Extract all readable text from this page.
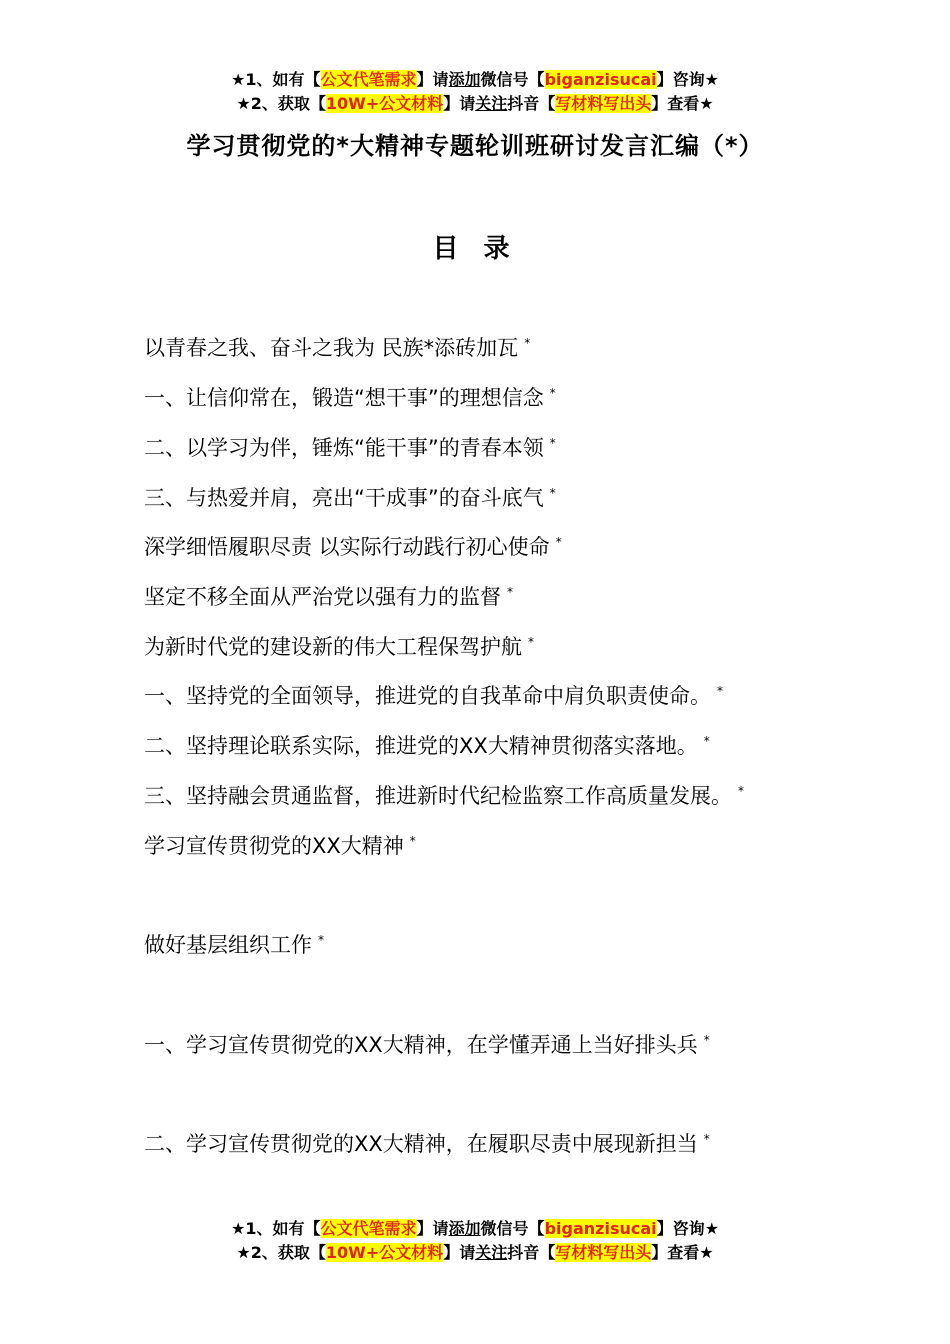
★1、如有【公文代笔需求】请添加微信号【biganzisucai】咨询★
★2、获取【10W+公文材料】请关注抖音【写材料写出头】查看★
学习贯彻党的*大精神专题轮训班研讨发言汇编（*）
目 录
以青春之我、奋斗之我为 民族*添砖加瓦 *
一、让信仰常在，锻造“想干事”的理想信念 *
二、以学习为伴，锤炼“能干事”的青春本领 *
三、与热爱并肩，亮出“干成事”的奋斗底气 *
深学细悟履职尽责 以实际行动践行初心使命 *
坚定不移全面从严治党以强有力的监督 *
为新时代党的建设新的伟大工程保驾护航 *
一、坚持党的全面领导，推进党的自我革命中肩负职责使命。 *
二、坚持理论联系实际，推进党的XX大精神贯彻落实落地。 *
三、坚持融会贯通监督，推进新时代纪检监察工作高质量发展。 *
学习宣传贯彻党的XX大精神 *
做好基层组织工作 *
一、学习宣传贯彻党的XX大精神，在学懂弄通上当好排头兵 *
二、学习宣传贯彻党的XX大精神，在履职尽责中展现新担当 *
★1、如有【公文代笔需求】请添加微信号【biganzisucai】咨询★
★2、获取【10W+公文材料】请关注抖音【写材料写出头】查看★
